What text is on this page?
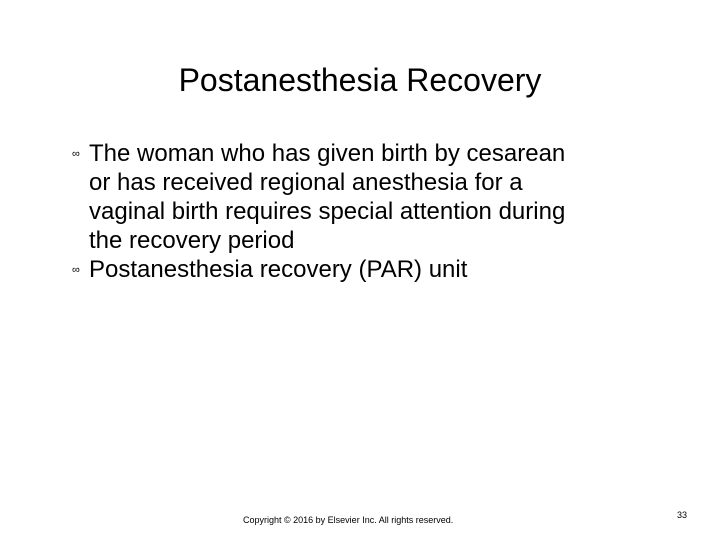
Postanesthesia Recovery
∞ The woman who has given birth by cesarean
or has received regional anesthesia for a
vaginal birth requires special attention during
the recovery period
∞ Postanesthesia recovery (PAR) unit
Copyright © 2016 by Elsevier Inc. All rights reserved.	33
